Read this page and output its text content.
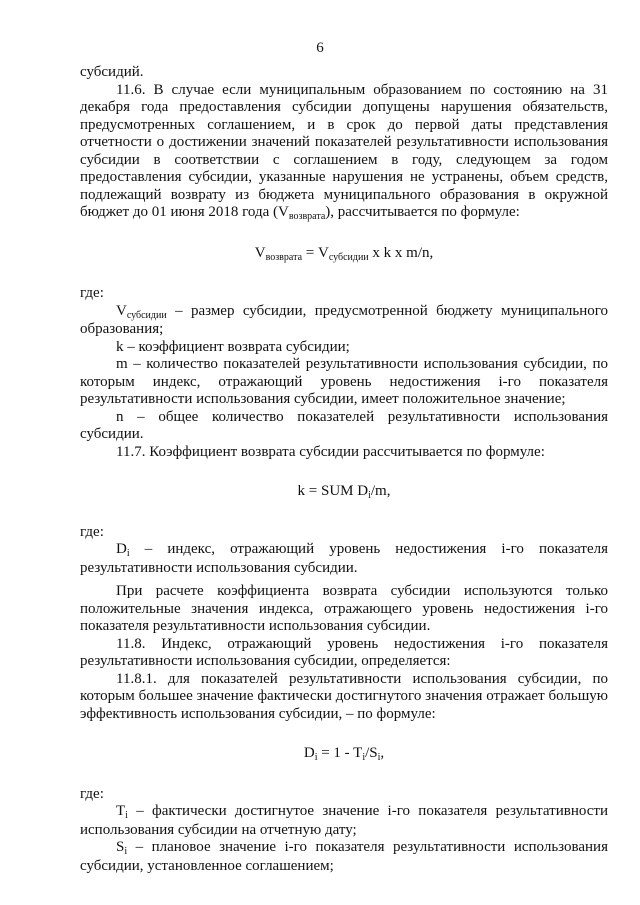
6

субсидий.

11.6. В случае если муниципальным образованием по состоянию на 31 декабря года предоставления субсидии допущены нарушения обязательств, предусмотренных соглашением, и в срок до первой даты представления отчетности о достижении значений показателей результативности использования субсидии в соответствии с соглашением в году, следующем за годом предоставления субсидии, указанные нарушения не устранены, объем средств, подлежащий возврату из бюджета муниципального образования в окружной бюджет до 01 июня 2018 года $(V_{возврата})$, рассчитывается по формуле:

$V_{возврата} = V_{субсидии}$ x k x m/n,

где:

$V_{субсидии}$ – размер субсидии, предусмотренной бюджету муниципального образования;

k – коэффициент возврата субсидии;

m – количество показателей результативности использования субсидии, по которым индекс, отражающий уровень недостижения i-го показателя результативности использования субсидии, имеет положительное значение;

n – общее количество показателей результативности использования субсидии.

11.7. Коэффициент возврата субсидии рассчитывается по формуле:

k = SUM $D_i/m$,

где:

$D_i$ – индекс, отражающий уровень недостижения i-го показателя результативности использования субсидии.

При расчете коэффициента возврата субсидии используются только положительные значения индекса, отражающего уровень недостижения i-го показателя результативности использования субсидии.

11.8. Индекс, отражающий уровень недостижения i-го показателя результативности использования субсидии, определяется:

11.8.1. для показателей результативности использования субсидии, по которым большее значение фактически достигнутого значения отражает большую эффективность использования субсидии, – по формуле:

$D_i = 1 - T_i/S_i$,

где:

$T_i$ – фактически достигнутое значение i-го показателя результативности использования субсидии на отчетную дату;

$S_i$ – плановое значение i-го показателя результативности использования субсидии, установленное соглашением;
